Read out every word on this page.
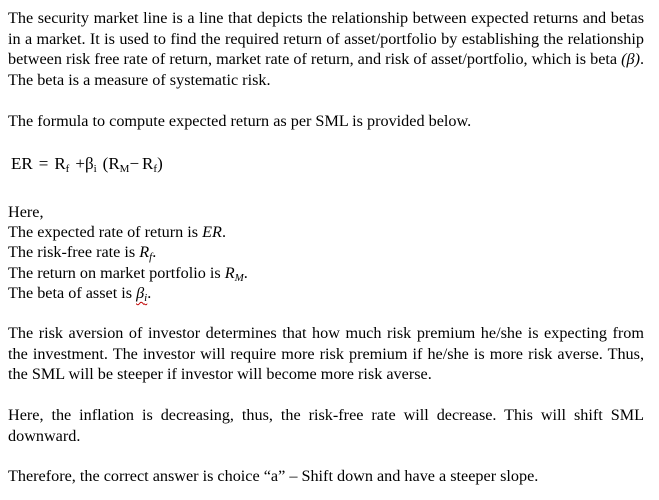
The security market line is a line that depicts the relationship between expected returns and betas in a market. It is used to find the required return of asset/portfolio by establishing the relationship between risk free rate of return, market rate of return, and risk of asset/portfolio, which is beta (β). The beta is a measure of systematic risk.

The formula to compute expected return as per SML is provided below.

ER = $R_f +\beta_i$ $(R_M- R_f)$

Here,

The expected rate of return is ER.

The risk-free rate is $R_f$.

The return on market portfolio is $R_M$.

The beta of asset is $\beta_i$.

The risk aversion of investor determines that how much risk premium he/she is expecting from the investment. The investor will require more risk premium if he/she is more risk averse. Thus, the SML will be steeper if investor will become more risk averse.

Here, the inflation is decreasing, thus, the risk-free rate will decrease. This will shift SML downward.

Therefore, the correct answer is choice “a” – Shift down and have a steeper slope.
